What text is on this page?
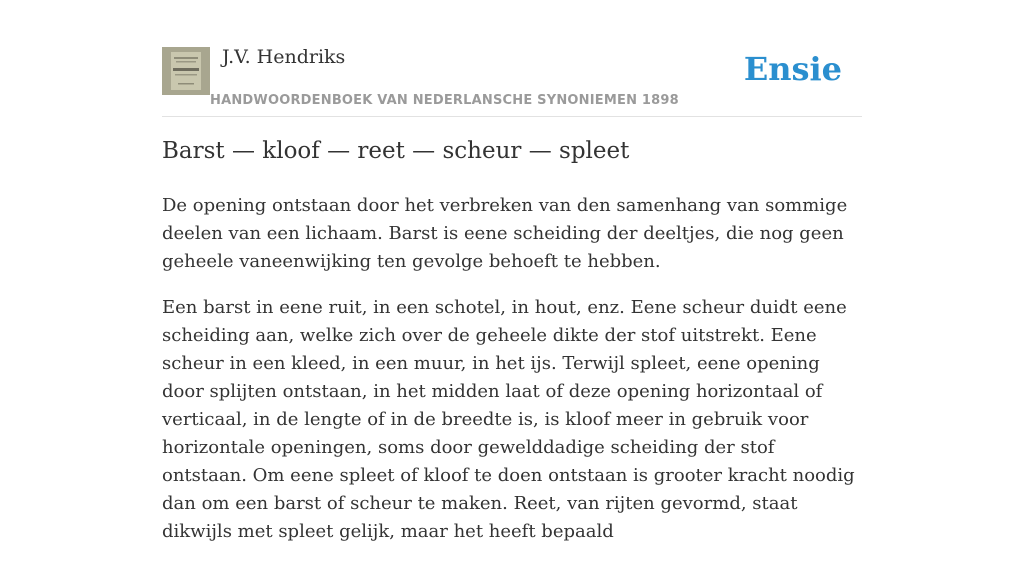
J.V. Hendriks
HANDWOORDENBOEK VAN NEDERLANSCHE SYNONIEMEN 1898
Ensie
Barst — kloof — reet — scheur — spleet

De opening ontstaan door het verbreken van den samenhang van sommige deelen van een lichaam. Barst is eene scheiding der deeltjes, die nog geen geheele vaneenwijking ten gevolge behoeft te hebben.

Een barst in eene ruit, in een schotel, in hout, enz. Eene scheur duidt eene scheiding aan, welke zich over de geheele dikte der stof uitstrekt. Eene scheur in een kleed, in een muur, in het ijs. Terwijl spleet, eene opening door splijten ontstaan, in het midden laat of deze opening horizontaal of verticaal, in de lengte of in de breedte is, is kloof meer in gebruik voor horizontale openingen, soms door gewelddadige scheiding der stof ontstaan. Om eene spleet of kloof te doen ontstaan is grooter kracht noodig dan om een barst of scheur te maken. Reet, van rijten gevormd, staat dikwijls met spleet gelijk, maar het heeft bepaald
